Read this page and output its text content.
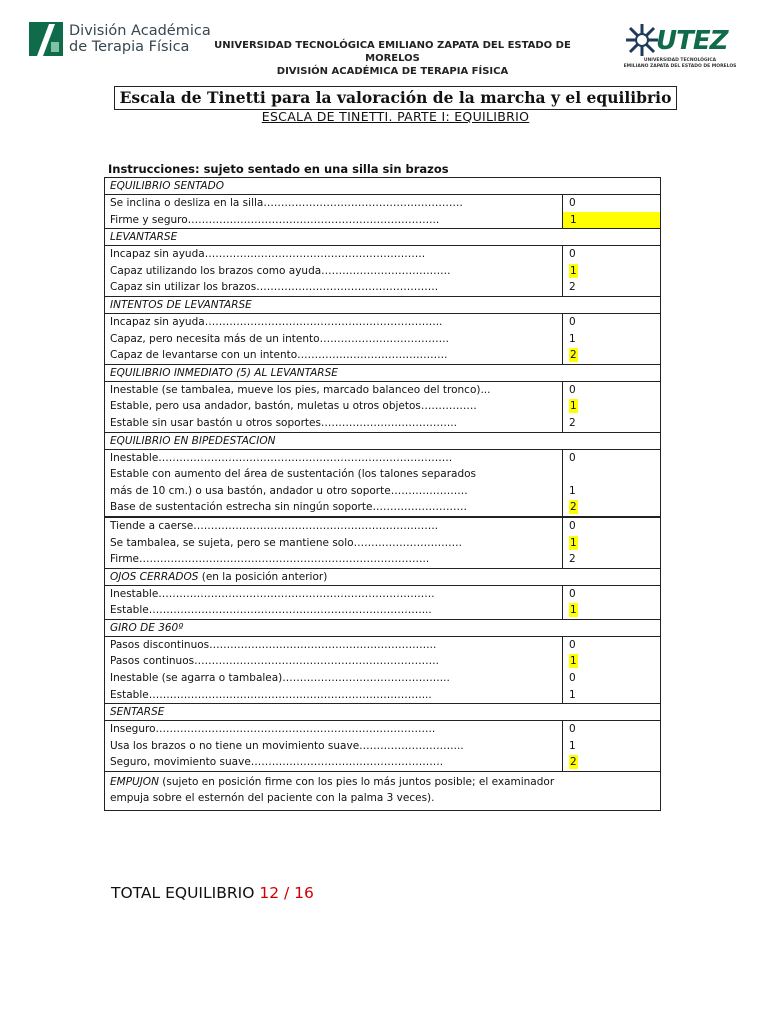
División Académica
de Terapia Física	UNIVERSIDAD TECNOLÓGICA EMILIANO ZAPATA DEL ESTADO DE MORELOS
DIVISIÓN ACADÉMICA DE TERAPIA FÍSICA
UTEZ
UNIVERSIDAD TECNOLÓGICA
EMILIANO ZAPATA DEL ESTADO DE MORELOS
Escala de Tinetti para la valoración de la marcha y el equilibrio
ESCALA DE TINETTI. PARTE I: EQUILIBRIO
Instrucciones: sujeto sentado en una silla sin brazos
EQUILIBRIO SENTADO
Se inclina o desliza en la silla…………………………………………………
Firme y seguro……………………………………………………………...
0
1
LEVANTARSE
Incapaz sin ayuda………………………………………………………
Capaz utilizando los brazos como ayuda……………………………….
Capaz sin utilizar los brazos…………………………………………….
0
1
2
INTENTOS DE LEVANTARSE
Incapaz sin ayuda…………………………………………………………..
Capaz, pero necesita más de un intento……………………………….
Capaz de levantarse con un intento…………………………………….
0
1
2
EQUILIBRIO INMEDIATO (5) AL LEVANTARSE
Inestable (se tambalea, mueve los pies, marcado balanceo del tronco)...
Estable, pero usa andador, bastón, muletas u otros objetos…………….
Estable sin usar bastón u otros soportes………………………………...
0
1
2
EQUILIBRIO EN BIPEDESTACION
Inestable…………………………………………………………………………
Estable con aumento del área de sustentación (los talones separados
más de 10 cm.) o usa bastón, andador u otro soporte………………….
Base de sustentación estrecha sin ningún soporte………………………
0
1
2
Tiende a caerse…………………………………………………………….
Se tambalea, se sujeta, pero se mantiene solo………………………….
Firme………………………………………………………………………..
0
1
2
OJOS CERRADOS (en la posición anterior)
Inestable…………………………………………………………………….
Estable……………………………………………………………………...
0
1
GIRO DE 360º
Pasos discontinuos………………………………………………………..
Pasos continuos…………………………………………………………….
Inestable (se agarra o tambalea)………………………………………...
Estable……………………………………………………………………...
0
1
0
1
SENTARSE
Inseguro……………………………………………………………………..
Usa los brazos o no tiene un movimiento suave………………………...
Seguro, movimiento suave……………………………………………….
0
1
2
EMPUJON (sujeto en posición firme con los pies lo más juntos posible; el examinador
empuja sobre el esternón del paciente con la palma 3 veces).
TOTAL EQUILIBRIO 12 / 16
